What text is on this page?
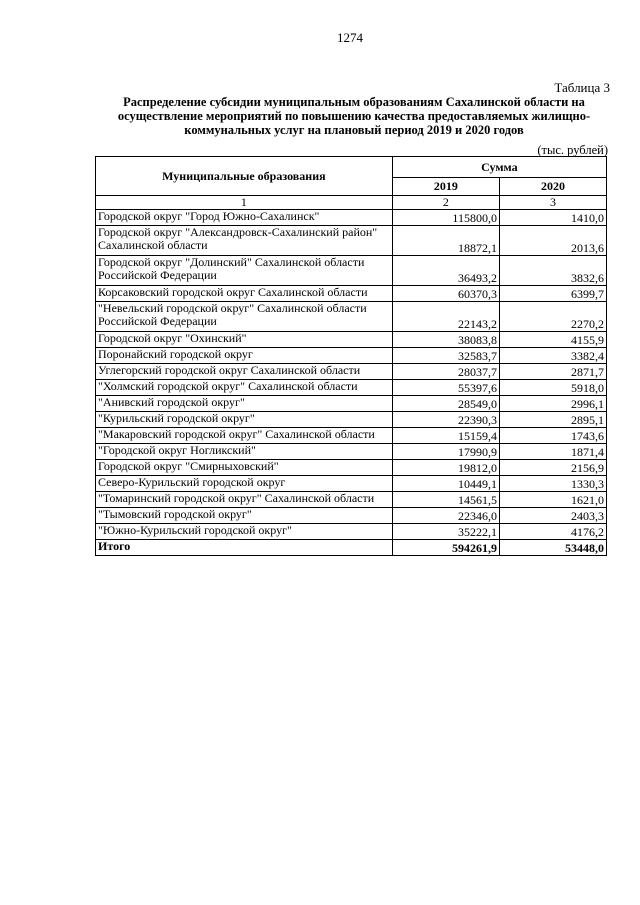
1274
Таблица 3
Распределение субсидии муниципальным образованиям Сахалинской области на осуществление мероприятий по повышению качества предоставляемых жилищно-коммунальных услуг на плановый период 2019 и 2020 годов
(тыс. рублей)
Муниципальные образования	Сумма	
	2019	2020
1	2	3
Городской округ "Город Южно-Сахалинск"	115800,0	1410,0
Городской округ "Александровск-Сахалинский район" Сахалинской области	18872,1	2013,6
Городской округ "Долинский" Сахалинской области Российской Федерации	36493,2	3832,6
Корсаковский городской округ Сахалинской области	60370,3	6399,7
"Невельский городской округ" Сахалинской области Российской Федерации	22143,2	2270,2
Городской округ "Охинский"	38083,8	4155,9
Поронайский городской округ	32583,7	3382,4
Углегорский городской округ Сахалинской области	28037,7	2871,7
"Холмский городской округ" Сахалинской области	55397,6	5918,0
"Анивский городской округ"	28549,0	2996,1
"Курильский городской округ"	22390,3	2895,1
"Макаровский городской округ" Сахалинской области	15159,4	1743,6
"Городской округ Ногликский"	17990,9	1871,4
Городской округ "Смирныховский"	19812,0	2156,9
Северо-Курильский городской округ	10449,1	1330,3
"Томаринский городской округ" Сахалинской области	14561,5	1621,0
"Тымовский городской округ"	22346,0	2403,3
"Южно-Курильский городской округ"	35222,1	4176,2
Итого	594261,9	53448,0
